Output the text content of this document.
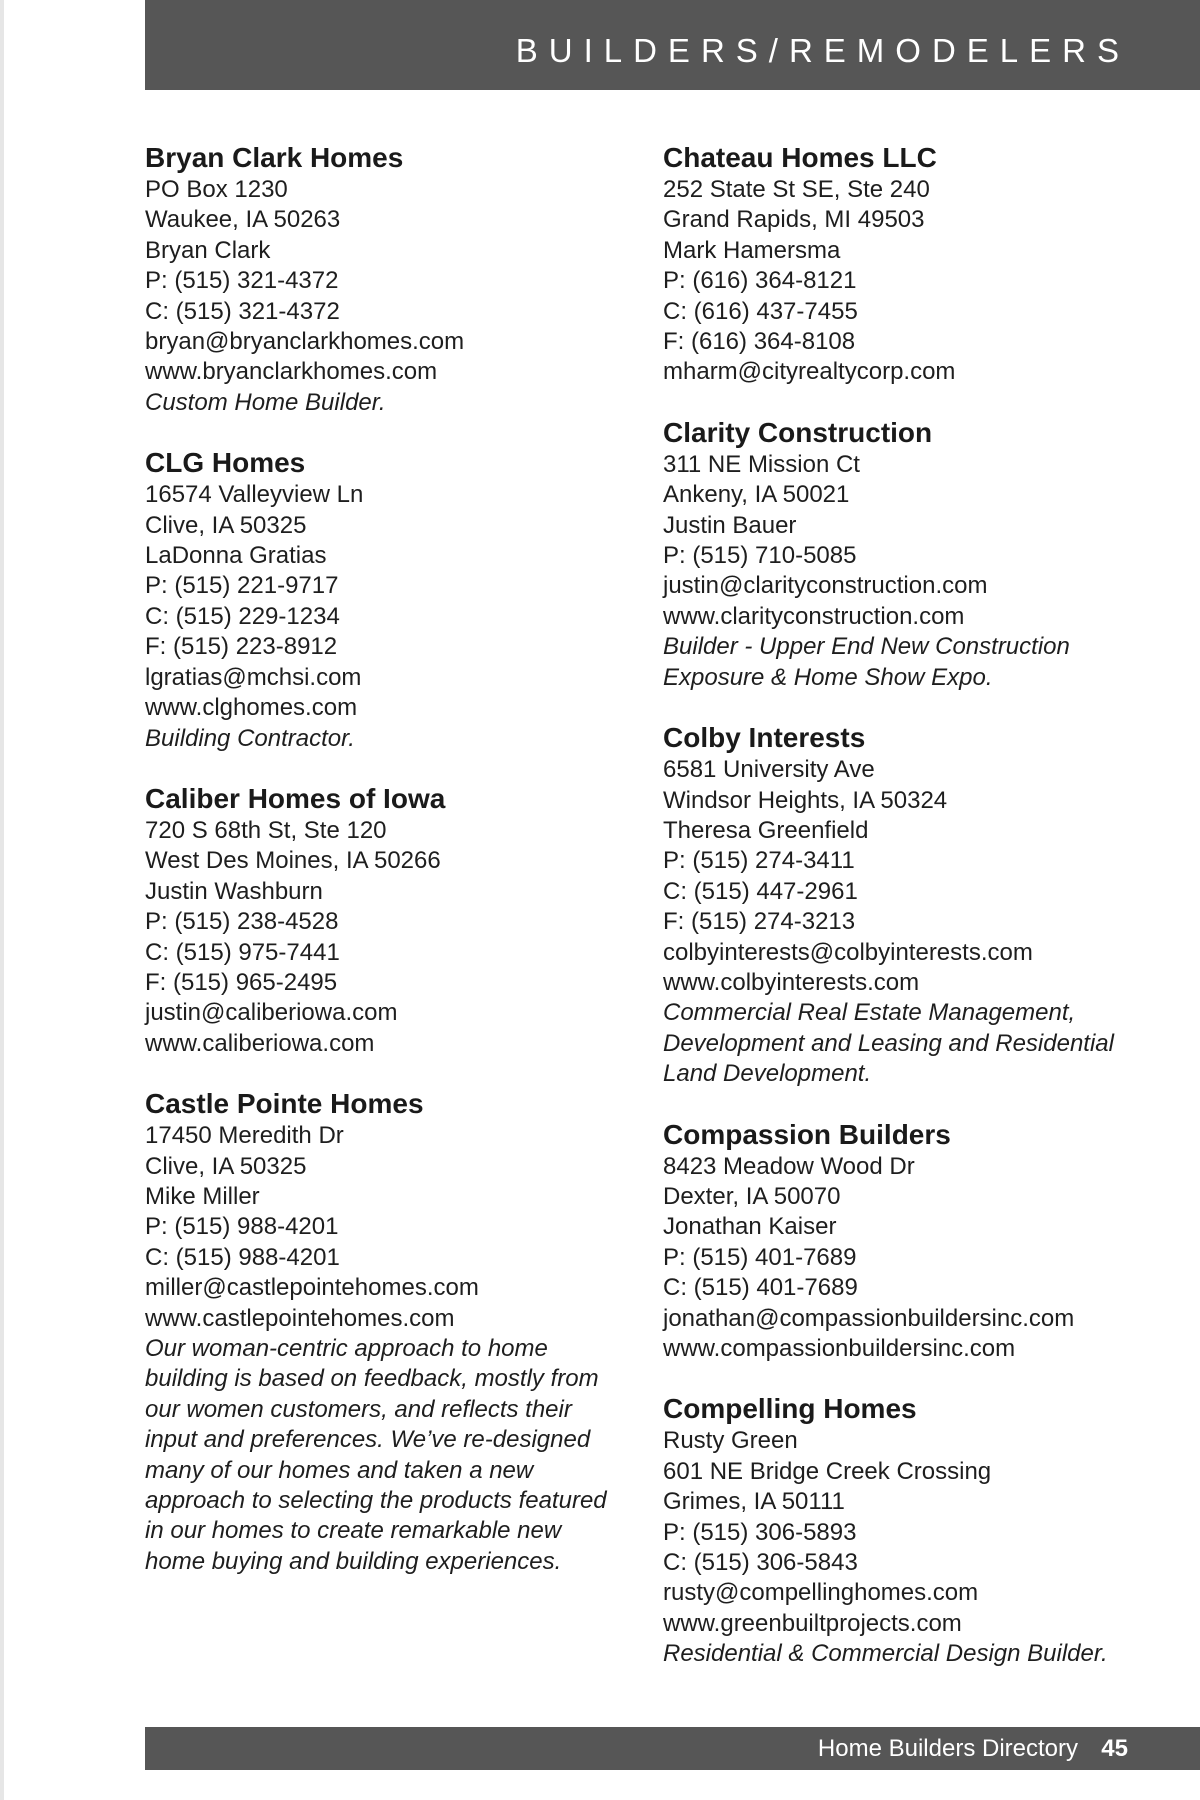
BUILDERS/REMODELERS
Bryan Clark Homes
PO Box 1230
Waukee, IA 50263
Bryan Clark
P: (515) 321-4372
C: (515) 321-4372
bryan@bryanclarkhomes.com
www.bryanclarkhomes.com
Custom Home Builder.
CLG Homes
16574 Valleyview Ln
Clive, IA 50325
LaDonna Gratias
P: (515) 221-9717
C: (515) 229-1234
F: (515) 223-8912
lgratias@mchsi.com
www.clghomes.com
Building Contractor.
Caliber Homes of Iowa
720 S 68th St, Ste 120
West Des Moines, IA 50266
Justin Washburn
P: (515) 238-4528
C: (515) 975-7441
F: (515) 965-2495
justin@caliberiowa.com
www.caliberiowa.com
Castle Pointe Homes
17450 Meredith Dr
Clive, IA 50325
Mike Miller
P: (515) 988-4201
C: (515) 988-4201
miller@castlepointehomes.com
www.castlepointehomes.com
Our woman-centric approach to home building is based on feedback, mostly from our women customers, and reflects their input and preferences. We’ve re-designed many of our homes and taken a new approach to selecting the products featured in our homes to create remarkable new home buying and building experiences.
Chateau Homes LLC
252 State St SE, Ste 240
Grand Rapids, MI 49503
Mark Hamersma
P: (616) 364-8121
C: (616) 437-7455
F: (616) 364-8108
mharm@cityrealtycorp.com
Clarity Construction
311 NE Mission Ct
Ankeny, IA 50021
Justin Bauer
P: (515) 710-5085
justin@clarityconstruction.com
www.clarityconstruction.com
Builder - Upper End New Construction Exposure & Home Show Expo.
Colby Interests
6581 University Ave
Windsor Heights, IA 50324
Theresa Greenfield
P: (515) 274-3411
C: (515) 447-2961
F: (515) 274-3213
colbyinterests@colbyinterests.com
www.colbyinterests.com
Commercial Real Estate Management, Development and Leasing and Residential Land Development.
Compassion Builders
8423 Meadow Wood Dr
Dexter, IA 50070
Jonathan Kaiser
P: (515) 401-7689
C: (515) 401-7689
jonathan@compassionbuildersinc.com
www.compassionbuildersinc.com
Compelling Homes
Rusty Green
601 NE Bridge Creek Crossing
Grimes, IA 50111
P: (515) 306-5893
C: (515) 306-5843
rusty@compellinghomes.com
www.greenbuiltprojects.com
Residential & Commercial Design Builder.
Home Builders Directory 45
